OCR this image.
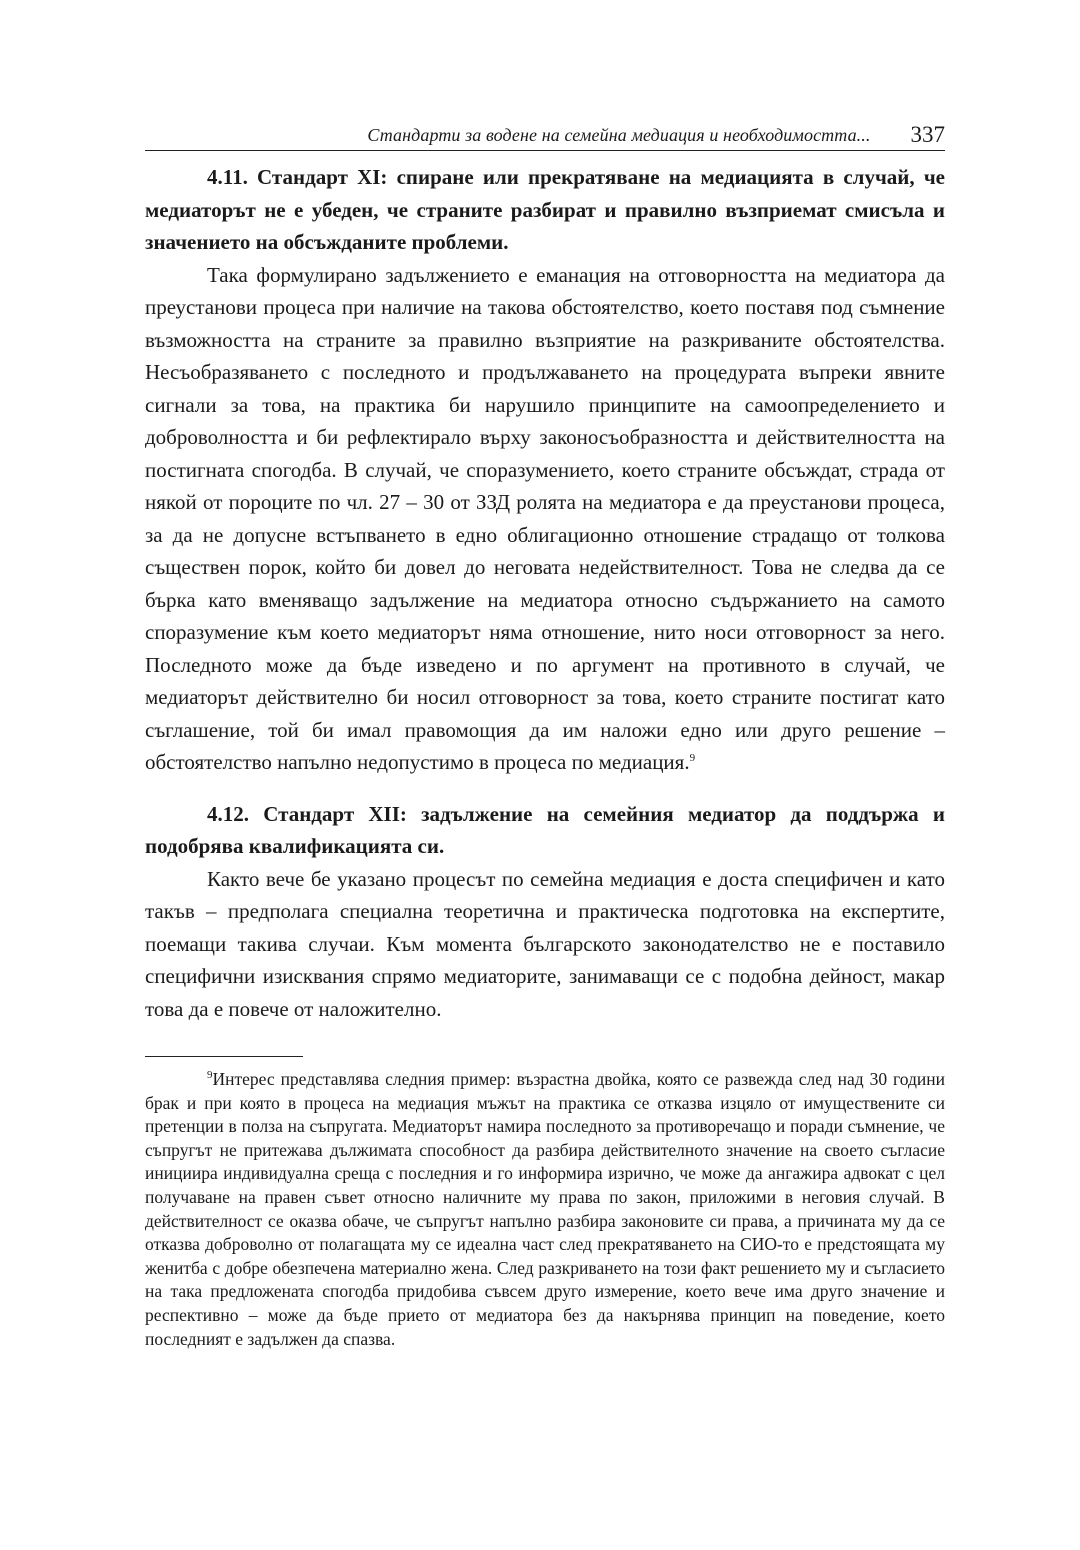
Стандарти за водене на семейна медиация и необходимостта... 337

4.11. Стандарт XI: спиране или прекратяване на медиацията в случай, че медиаторът не е убеден, че страните разбират и правилно възприемат смисъла и значението на обсъжданите проблеми.

Така формулирано задължението е еманация на отговорността на медиатора да преустанови процеса при наличие на такова обстоятелство, което поставя под съмнение възможността на страните за правилно възприятие на разкриваните обстоятелства. Несъобразяването с последното и продължаването на процедурата въпреки явните сигнали за това, на практика би нарушило принципите на самоопределението и доброволността и би рефлектирало върху законосъобразността и действителността на постигната спогодба. В случай, че споразумението, което страните обсъждат, страда от някой от пороците по чл. 27 – 30 от ЗЗД ролята на медиатора е да преустанови процеса, за да не допусне встъпването в едно облигационно отношение страдащо от толкова съществен порок, който би довел до неговата недействителност. Това не следва да се бърка като вменяващо задължение на медиатора относно съдържанието на самото споразумение към което медиаторът няма отношение, нито носи отговорност за него. Последното може да бъде изведено и по аргумент на противното в случай, че медиаторът действително би носил отговорност за това, което страните постигат като съглашение, той би имал правомощия да им наложи едно или друго решение – обстоятелство напълно недопустимо в процеса по медиация.$^9$

4.12. Стандарт XII: задължение на семейния медиатор да поддържа и подобрява квалификацията си.

Както вече бе указано процесът по семейна медиация е доста специфичен и като такъв – предполага специална теоретична и практическа подготовка на експертите, поемащи такива случаи. Към момента българското законодателство не е поставило специфични изисквания спрямо медиаторите, занимаващи се с подобна дейност, макар това да е повече от наложително.

$^9$Интерес представлява следния пример: възрастна двойка, която се развежда след над 30 години брак и при която в процеса на медиация мъжът на практика се отказва изцяло от имуществените си претенции в полза на съпругата. Медиаторът намира последното за противоречащо и поради съмнение, че съпругът не притежава дължимата способност да разбира действителното значение на своето съгласие инициира индивидуална среща с последния и го информира изрично, че може да ангажира адвокат с цел получаване на правен съвет относно наличните му права по закон, приложими в неговия случай. В действителност се оказва обаче, че съпругът напълно разбира законовите си права, а причината му да се отказва доброволно от полагащата му се идеална част след прекратяването на СИО-то е предстоящата му женитба с добре обезпечена материално жена. След разкриването на този факт решението му и съгласието на така предложената спогодба придобива съвсем друго измерение, което вече има друго значение и респективно – може да бъде прието от медиатора без да накърнява принцип на поведение, което последният е задължен да спазва.
